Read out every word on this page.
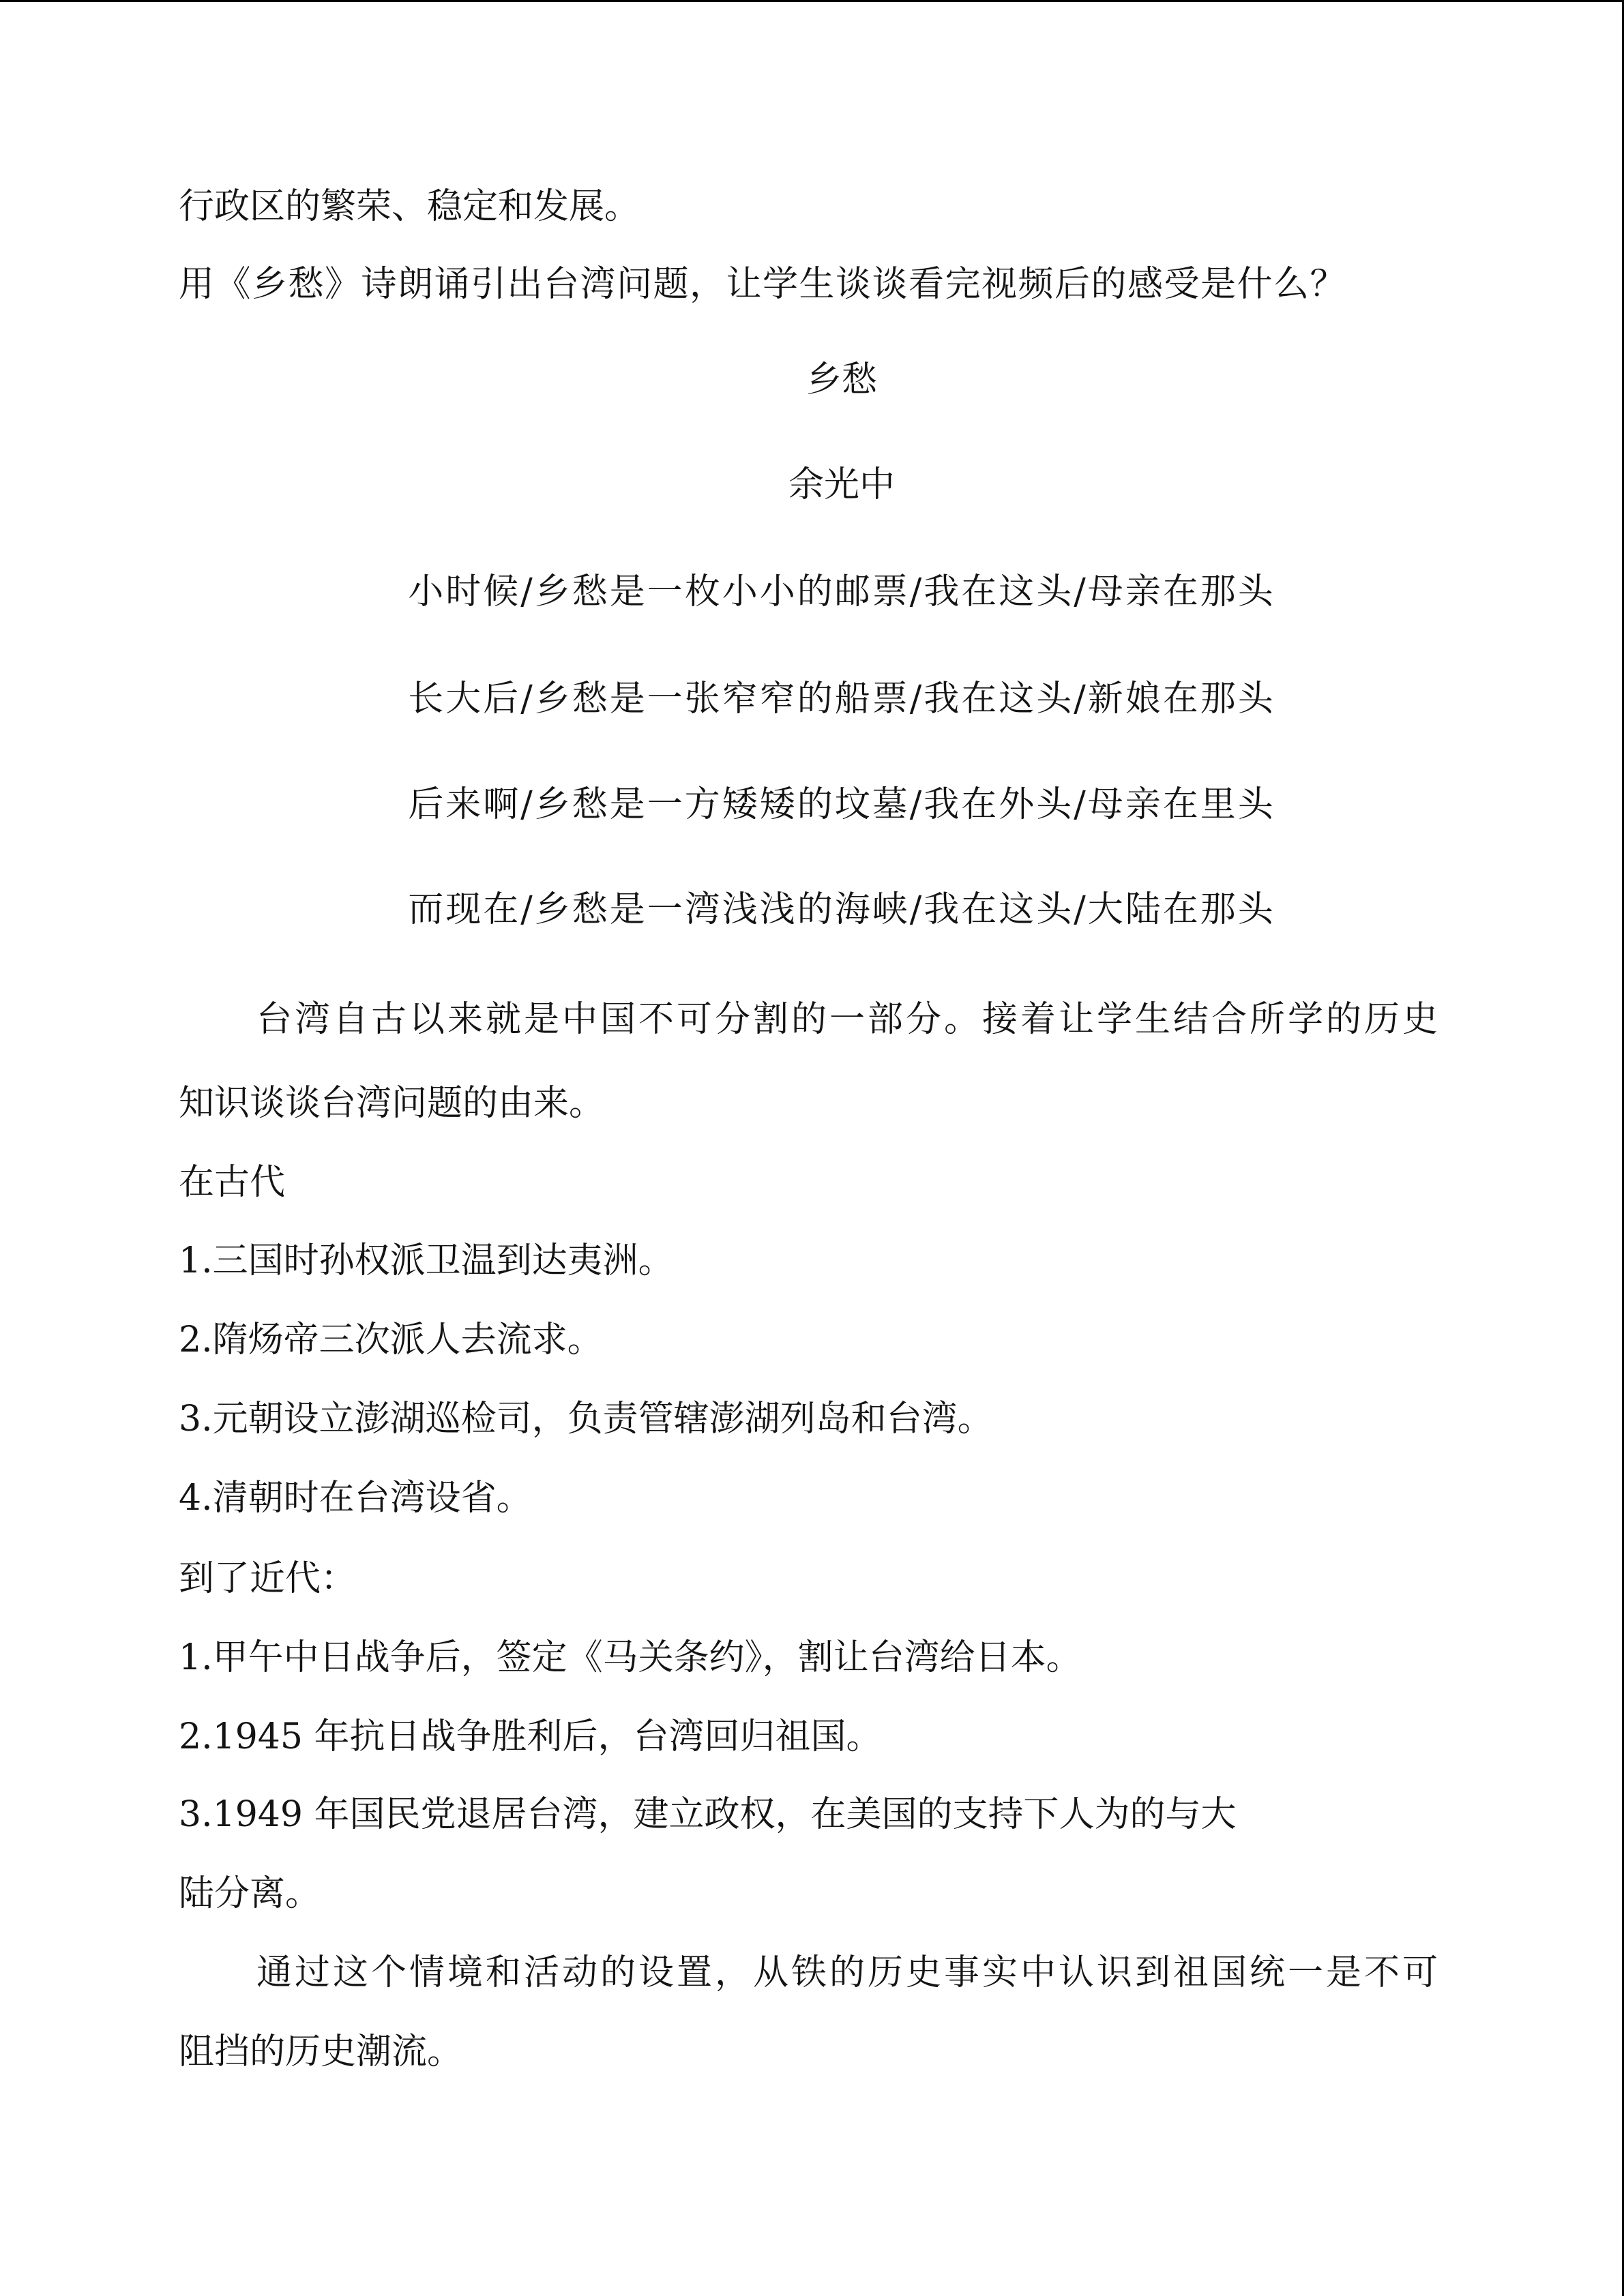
行政区的繁荣、稳定和发展。

用《乡愁》诗朗诵引出台湾问题，让学生谈谈看完视频后的感受是什么？

乡愁

余光中

小时候/乡愁是一枚小小的邮票/我在这头/母亲在那头

长大后/乡愁是一张窄窄的船票/我在这头/新娘在那头

后来啊/乡愁是一方矮矮的坟墓/我在外头/母亲在里头

而现在/乡愁是一湾浅浅的海峡/我在这头/大陆在那头

台湾自古以来就是中国不可分割的一部分。接着让学生结合所学的历史

知识谈谈台湾问题的由来。

在古代

1.三国时孙权派卫温到达夷洲。

2.隋炀帝三次派人去流求。

3.元朝设立澎湖巡检司，负责管辖澎湖列岛和台湾。

4.清朝时在台湾设省。

到了近代：

1.甲午中日战争后，签定《马关条约》，割让台湾给日本。

2.1945 年抗日战争胜利后，台湾回归祖国。

3.1949 年国民党退居台湾，建立政权，在美国的支持下人为的与大

陆分离。

通过这个情境和活动的设置，从铁的历史事实中认识到祖国统一是不可

阻挡的历史潮流。
